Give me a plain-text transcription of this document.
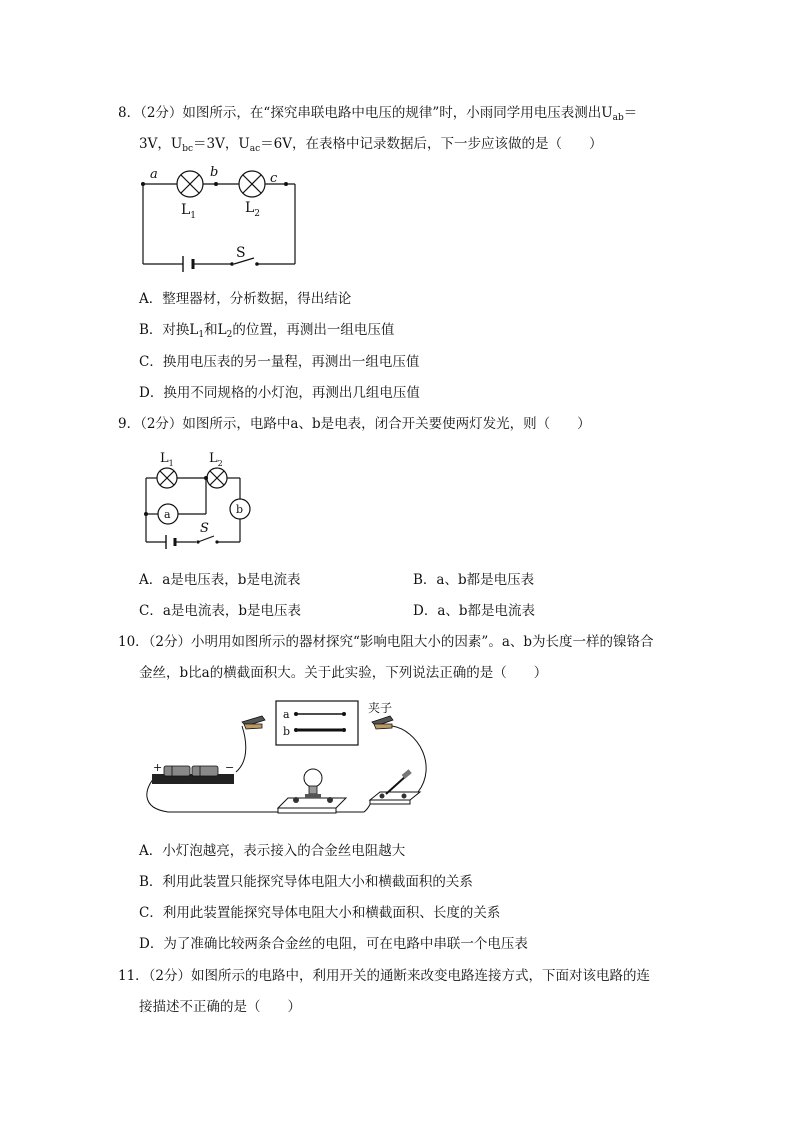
8．（2分）如图所示，在“探究串联电路中电压的规律”时，小雨同学用电压表测出$U_{ab}=$
3V，$U_{bc}=3V$，$U_{ac}=6V$，在表格中记录数据后，下一步应该做的是（　　）
a	b	c
$L_1$	$L_2$
S
A．整理器材，分析数据，得出结论
B．对换$L_1$和$L_2$的位置，再测出一组电压值
C．换用电压表的另一量程，再测出一组电压值
D．换用不同规格的小灯泡，再测出几组电压值
9．（2分）如图所示，电路中a、b是电表，闭合开关要使两灯发光，则（　　）
$L_1$	$L_2$
a	b
S
A．a是电压表，b是电流表	B．a、b都是电压表
C．a是电流表，b是电压表	D．a、b都是电流表
10．（2分）小明用如图所示的器材探究“影响电阻大小的因素”。a、b为长度一样的镍铬合
金丝，b比a的横截面积大。关于此实验，下列说法正确的是（　　）
a
b
夹子
+	−
A．小灯泡越亮，表示接入的合金丝电阻越大
B．利用此装置只能探究导体电阻大小和横截面积的关系
C．利用此装置能探究导体电阻大小和横截面积、长度的关系
D．为了准确比较两条合金丝的电阻，可在电路中串联一个电压表
11．（2分）如图所示的电路中，利用开关的通断来改变电路连接方式，下面对该电路的连
接描述不正确的是（　　）
